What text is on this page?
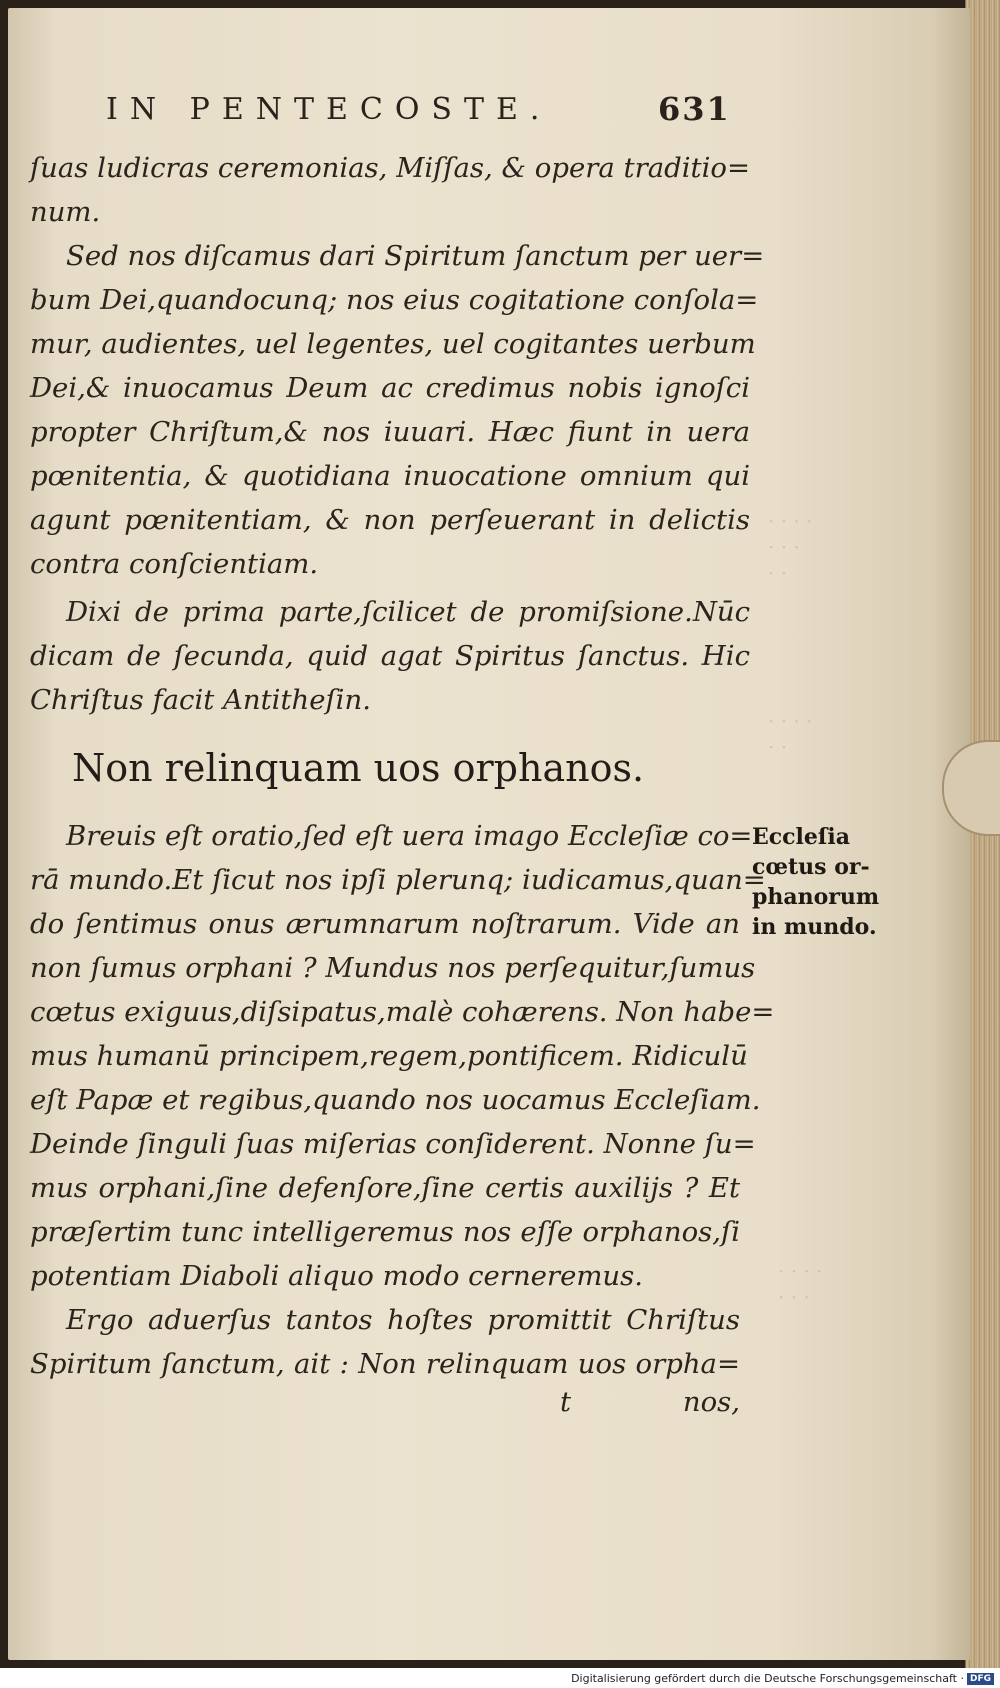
· · · ·
· · ·
· ·
· · · ·
· ·
· · · ·
· · ·
IN PENTECOSTE.	631
ſuas ludicras ceremonias, Miſſas, & opera traditio=
num.
Sed nos diſcamus dari Spiritum ſanctum per uer=
bum Dei,quandocunq; nos eius cogitatione conſola=
mur, audientes, uel legentes, uel cogitantes uerbum
Dei,& inuocamus Deum ac credimus nobis ignoſci
propter Chriſtum,& nos iuuari. Hæc fiunt in uera
pœnitentia, & quotidiana inuocatione omnium qui
agunt pœnitentiam, & non perſeuerant in delictis
contra conſcientiam.
Dixi de prima parte,ſcilicet de promiſsione.Nūc
dicam de ſecunda, quid agat Spiritus ſanctus. Hic
Chriſtus facit Antitheſin.
Non relinquam uos orphanos.
Breuis eſt oratio,ſed eſt uera imago Eccleſiæ co=
rā mundo.Et ſicut nos ipſi plerunq; iudicamus,quan=
do ſentimus onus ærumnarum noſtrarum. Vide an
non ſumus orphani ? Mundus nos perſequitur,ſumus
cœtus exiguus,diſsipatus,malè cohærens. Non habe=
mus humanū principem,regem,pontificem. Ridiculū
eſt Papæ et regibus,quando nos uocamus Eccleſiam.
Deinde ſinguli ſuas miſerias conſiderent. Nonne ſu=
mus orphani,ſine defenſore,ſine certis auxilijs ? Et
præſertim tunc intelligeremus nos eſſe orphanos,ſi
potentiam Diaboli aliquo modo cerneremus.
Ergo aduerſus tantos hoſtes promittit Chriſtus
Spiritum ſanctum, ait : Non relinquam uos orpha=
t	nos,
Eccleſia
cœtus or-
phanorum
in mundo.
Digitalisierung gefördert durch die Deutsche Forschungsgemeinschaft · DFG
